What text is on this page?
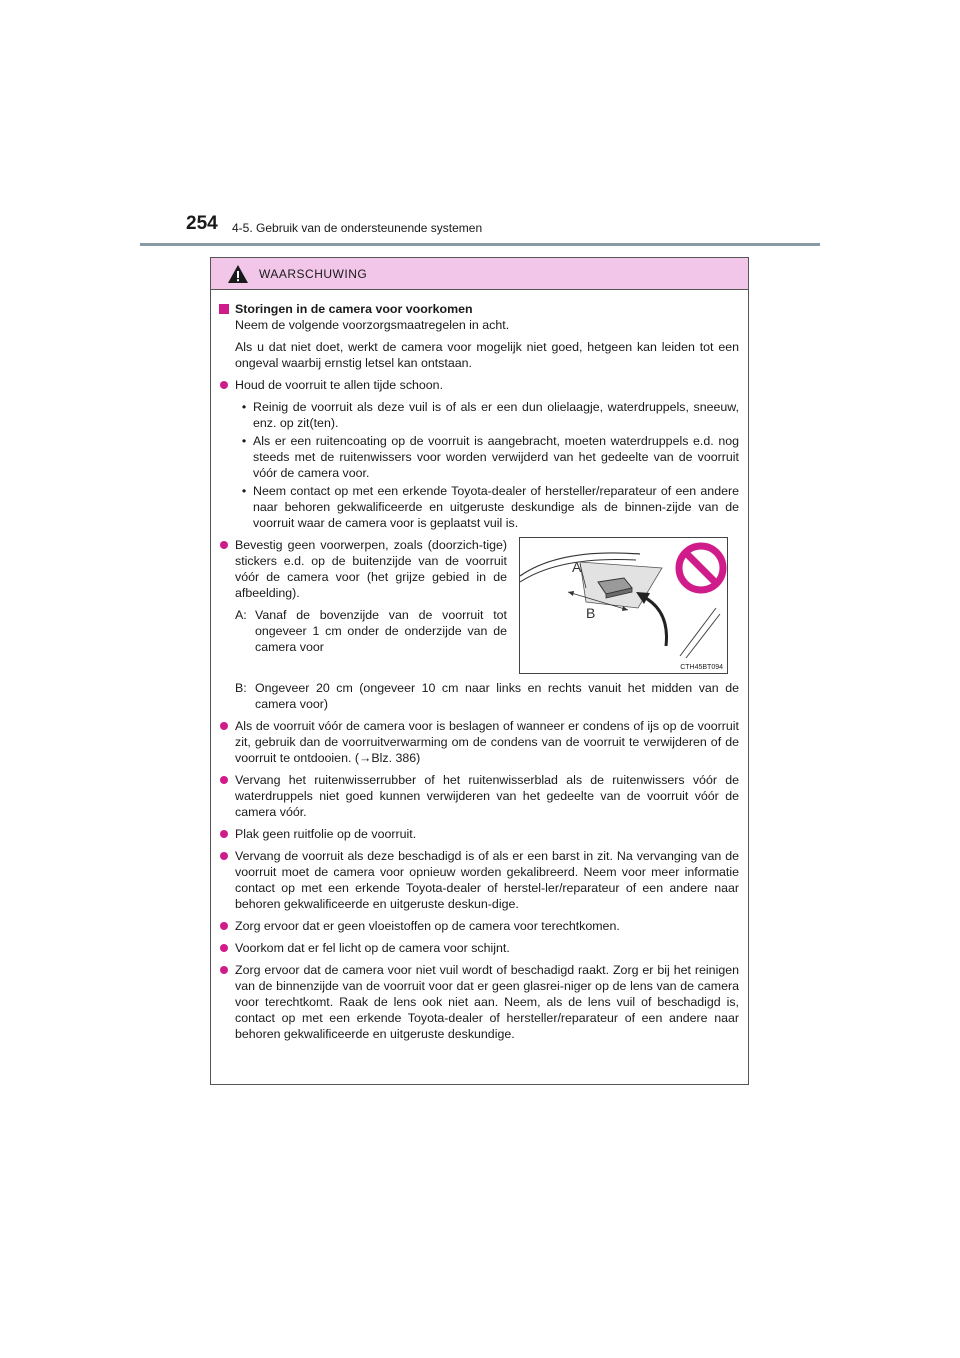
254 4-5. Gebruik van de ondersteunende systemen
WAARSCHUWING
Storingen in de camera voor voorkomen
Neem de volgende voorzorgsmaatregelen in acht.
Als u dat niet doet, werkt de camera voor mogelijk niet goed, hetgeen kan leiden tot een ongeval waarbij ernstig letsel kan ontstaan.
Houd de voorruit te allen tijde schoon.
• Reinig de voorruit als deze vuil is of als er een dun olielaagje, waterdruppels, sneeuw, enz. op zit(ten).
• Als er een ruitencoating op de voorruit is aangebracht, moeten waterdruppels e.d. nog steeds met de ruitenwissers voor worden verwijderd van het gedeelte van de voorruit vóór de camera voor.
• Neem contact op met een erkende Toyota-dealer of hersteller/reparateur of een andere naar behoren gekwalificeerde en uitgeruste deskundige als de binnen-zijde van de voorruit waar de camera voor is geplaatst vuil is.
Bevestig geen voorwerpen, zoals (doorzich-tige) stickers e.d. op de buitenzijde van de voorruit vóór de camera voor (het grijze gebied in de afbeelding).
A: Vanaf de bovenzijde van de voorruit tot ongeveer 1 cm onder de onderzijde van de camera voor
A
B
CTH45BT094
B: Ongeveer 20 cm (ongeveer 10 cm naar links en rechts vanuit het midden van de camera voor)
Als de voorruit vóór de camera voor is beslagen of wanneer er condens of ijs op de voorruit zit, gebruik dan de voorruitverwarming om de condens van de voorruit te verwijderen of de voorruit te ontdooien. (→Blz. 386)
Vervang het ruitenwisserrubber of het ruitenwisserblad als de ruitenwissers vóór de waterdruppels niet goed kunnen verwijderen van het gedeelte van de voorruit vóór de camera vóór.
Plak geen ruitfolie op de voorruit.
Vervang de voorruit als deze beschadigd is of als er een barst in zit. Na vervanging van de voorruit moet de camera voor opnieuw worden gekalibreerd. Neem voor meer informatie contact op met een erkende Toyota-dealer of herstel-ler/reparateur of een andere naar behoren gekwalificeerde en uitgeruste deskun-dige.
Zorg ervoor dat er geen vloeistoffen op de camera voor terechtkomen.
Voorkom dat er fel licht op de camera voor schijnt.
Zorg ervoor dat de camera voor niet vuil wordt of beschadigd raakt. Zorg er bij het reinigen van de binnenzijde van de voorruit voor dat er geen glasrei-niger op de lens van de camera voor terechtkomt. Raak de lens ook niet aan. Neem, als de lens vuil of beschadigd is, contact op met een erkende Toyota-dealer of hersteller/reparateur of een andere naar behoren gekwalificeerde en uitgeruste deskundige.
